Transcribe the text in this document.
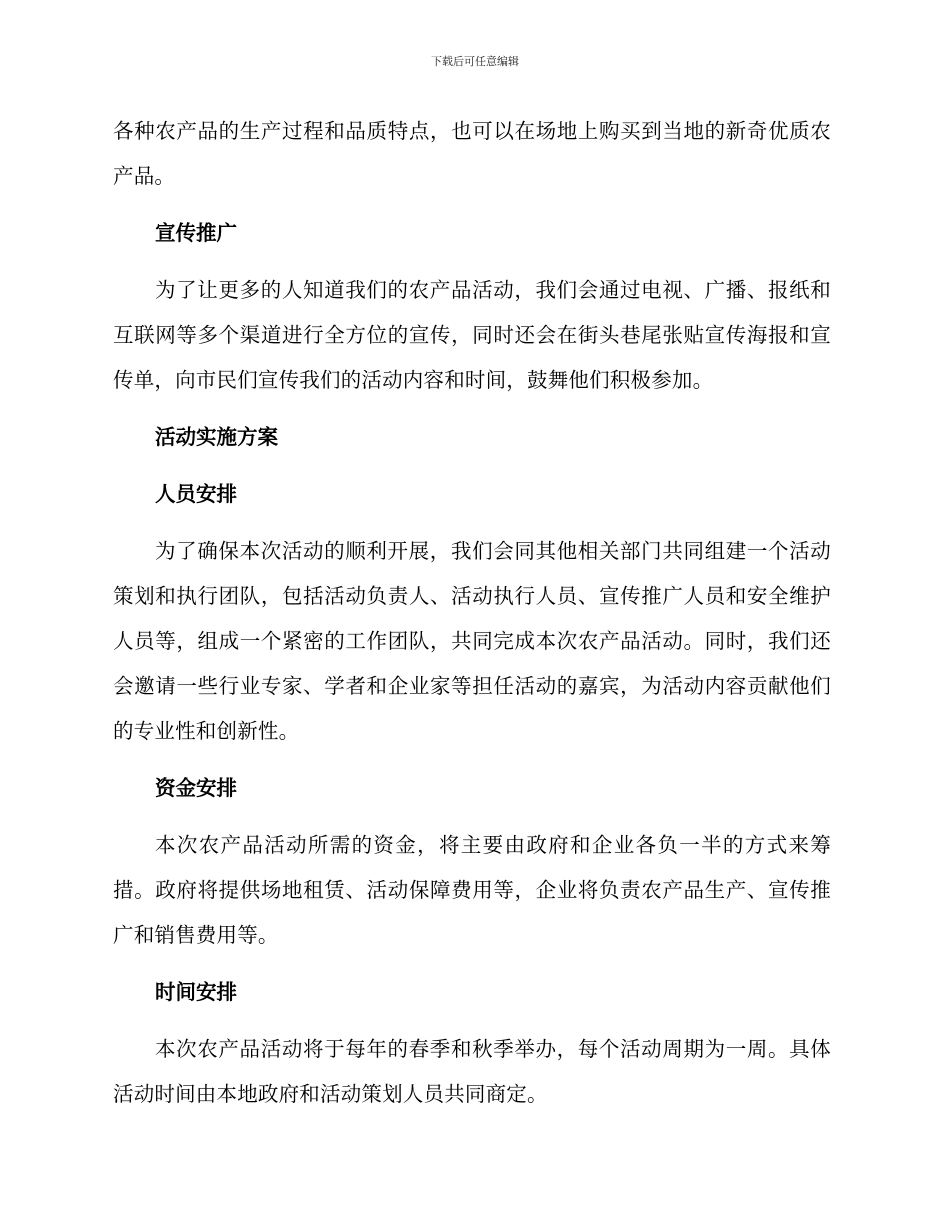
下载后可任意编辑

各种农产品的生产过程和品质特点，也可以在场地上购买到当地的新奇优质农产品。

宣传推广

为了让更多的人知道我们的农产品活动，我们会通过电视、广播、报纸和互联网等多个渠道进行全方位的宣传，同时还会在街头巷尾张贴宣传海报和宣传单，向市民们宣传我们的活动内容和时间，鼓舞他们积极参加。

活动实施方案

人员安排

为了确保本次活动的顺利开展，我们会同其他相关部门共同组建一个活动策划和执行团队，包括活动负责人、活动执行人员、宣传推广人员和安全维护人员等，组成一个紧密的工作团队，共同完成本次农产品活动。同时，我们还会邀请一些行业专家、学者和企业家等担任活动的嘉宾，为活动内容贡献他们的专业性和创新性。

资金安排

本次农产品活动所需的资金，将主要由政府和企业各负一半的方式来筹措。政府将提供场地租赁、活动保障费用等，企业将负责农产品生产、宣传推广和销售费用等。

时间安排

本次农产品活动将于每年的春季和秋季举办，每个活动周期为一周。具体活动时间由本地政府和活动策划人员共同商定。
